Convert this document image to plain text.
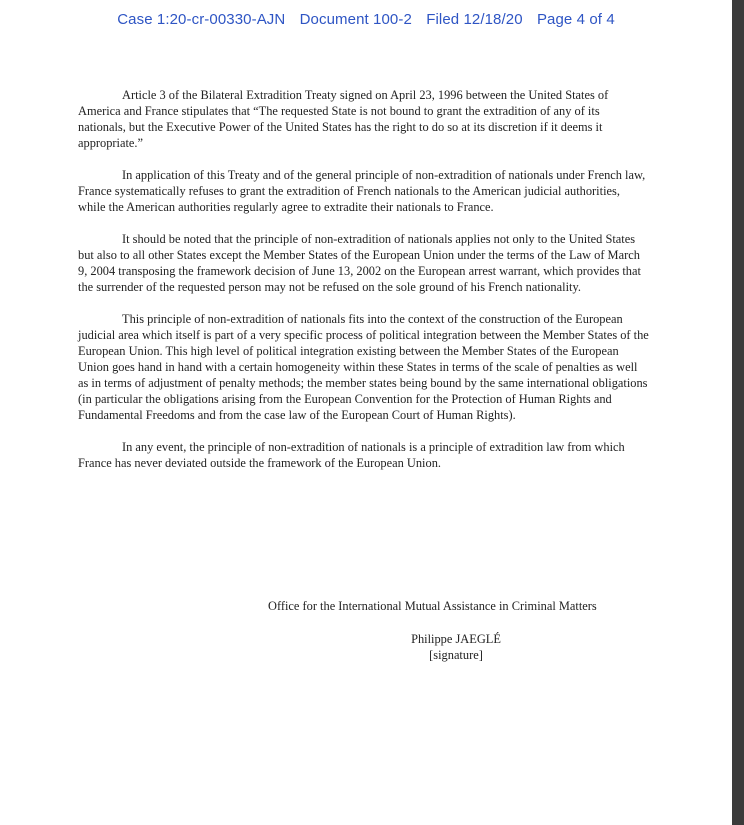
Case 1:20-cr-00330-AJN Document 100-2 Filed 12/18/20 Page 4 of 4

Article 3 of the Bilateral Extradition Treaty signed on April 23, 1996 between the United States of America and France stipulates that “The requested State is not bound to grant the extradition of any of its nationals, but the Executive Power of the United States has the right to do so at its discretion if it deems it appropriate.”

In application of this Treaty and of the general principle of non-extradition of nationals under French law, France systematically refuses to grant the extradition of French nationals to the American judicial authorities, while the American authorities regularly agree to extradite their nationals to France.

It should be noted that the principle of non-extradition of nationals applies not only to the United States but also to all other States except the Member States of the European Union under the terms of the Law of March 9, 2004 transposing the framework decision of June 13, 2002 on the European arrest warrant, which provides that the surrender of the requested person may not be refused on the sole ground of his French nationality.

This principle of non-extradition of nationals fits into the context of the construction of the European judicial area which itself is part of a very specific process of political integration between the Member States of the European Union. This high level of political integration existing between the Member States of the European Union goes hand in hand with a certain homogeneity within these States in terms of the scale of penalties as well as in terms of adjustment of penalty methods; the member states being bound by the same international obligations (in particular the obligations arising from the European Convention for the Protection of Human Rights and Fundamental Freedoms and from the case law of the European Court of Human Rights).

In any event, the principle of non-extradition of nationals is a principle of extradition law from which France has never deviated outside the framework of the European Union.

Office for the International Mutual Assistance in Criminal Matters
Philippe JAEGLÉ
[signature]
